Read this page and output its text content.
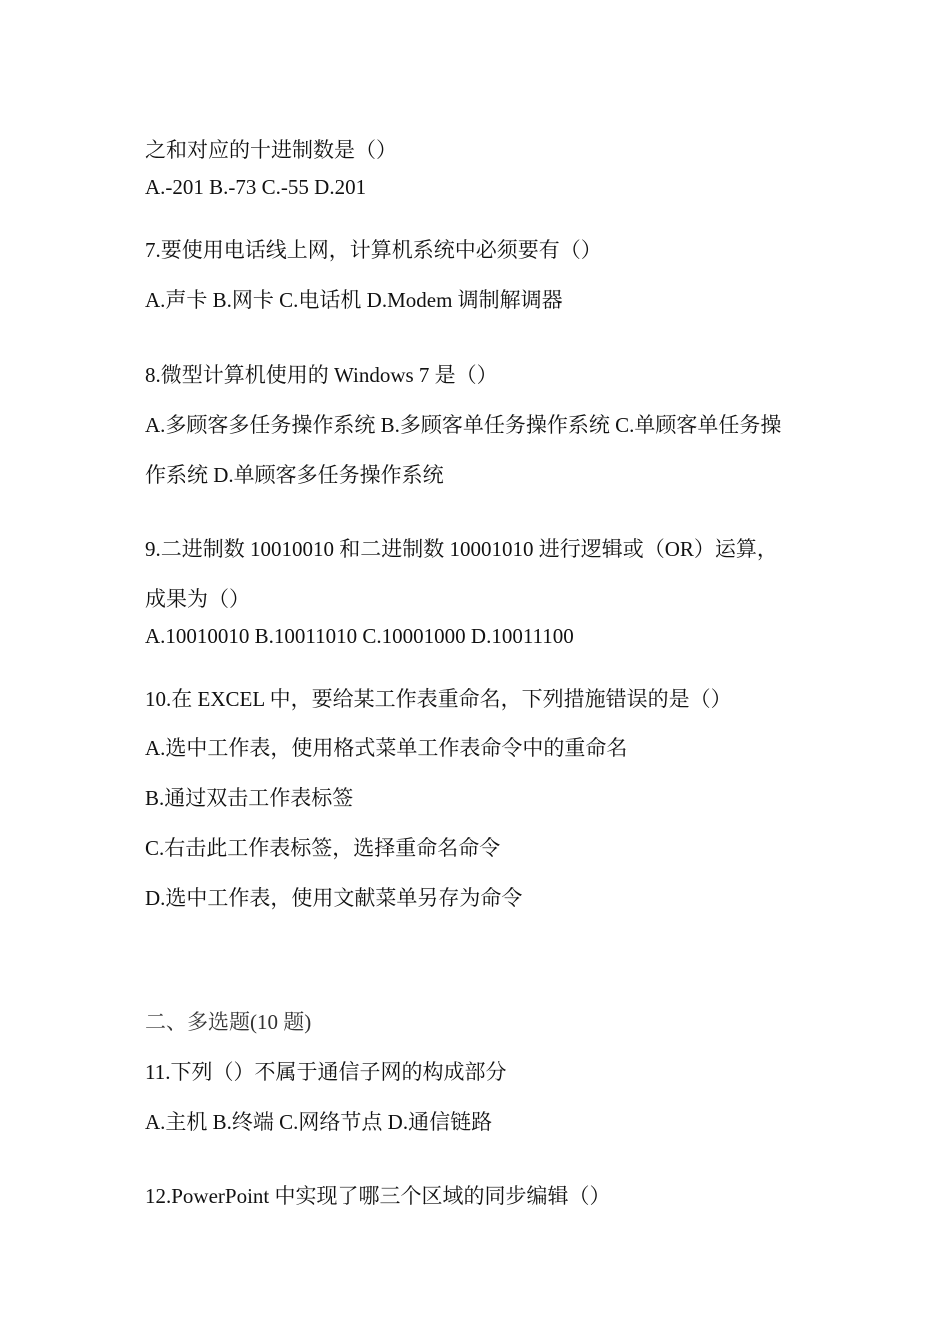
之和对应的十进制数是（）
A.-201 B.-73 C.-55 D.201
7.要使用电话线上网，计算机系统中必须要有（）
A.声卡 B.网卡 C.电话机 D.Modem 调制解调器
8.微型计算机使用的 Windows 7 是（）
A.多顾客多任务操作系统 B.多顾客单任务操作系统 C.单顾客单任务操
作系统 D.单顾客多任务操作系统
9.二进制数 10010010 和二进制数 10001010 进行逻辑或（OR）运算，
成果为（）
A.10010010 B.10011010 C.10001000 D.10011100
10.在 EXCEL 中，要给某工作表重命名，下列措施错误的是（）
A.选中工作表，使用格式菜单工作表命令中的重命名
B.通过双击工作表标签
C.右击此工作表标签，选择重命名命令
D.选中工作表，使用文献菜单另存为命令
二、多选题(10 题)
11.下列（）不属于通信子网的构成部分
A.主机 B.终端 C.网络节点 D.通信链路
12.PowerPoint 中实现了哪三个区域的同步编辑（）
